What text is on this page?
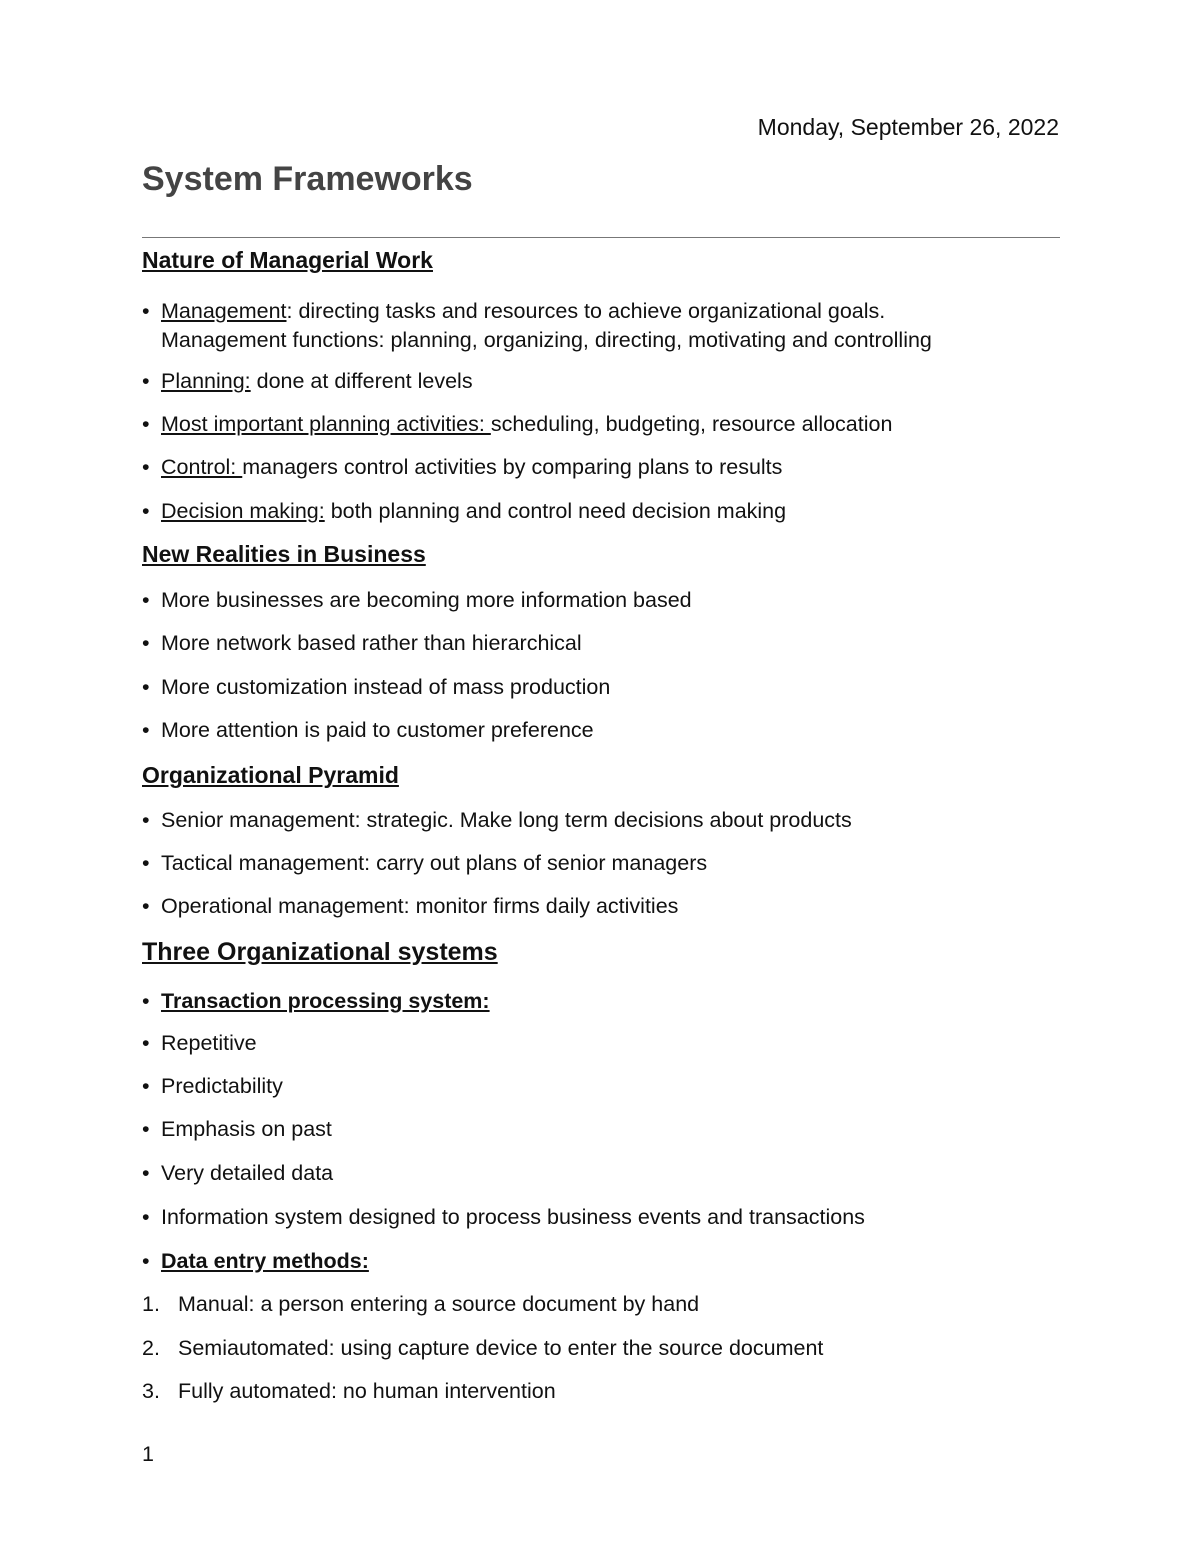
Monday, September 26, 2022
System Frameworks
Nature of Managerial Work
• Management: directing tasks and resources to achieve organizational goals.
Management functions: planning, organizing, directing, motivating and controlling
• Planning: done at different levels
• Most important planning activities: scheduling, budgeting, resource allocation
• Control: managers control activities by comparing plans to results
• Decision making: both planning and control need decision making
New Realities in Business
• More businesses are becoming more information based
• More network based rather than hierarchical
• More customization instead of mass production
• More attention is paid to customer preference
Organizational Pyramid
• Senior management: strategic. Make long term decisions about products
• Tactical management: carry out plans of senior managers
• Operational management: monitor firms daily activities
Three Organizational systems
• Transaction processing system:
• Repetitive
• Predictability
• Emphasis on past
• Very detailed data
• Information system designed to process business events and transactions
• Data entry methods:
1. Manual: a person entering a source document by hand
2. Semiautomated: using capture device to enter the source document
3. Fully automated: no human intervention
1
